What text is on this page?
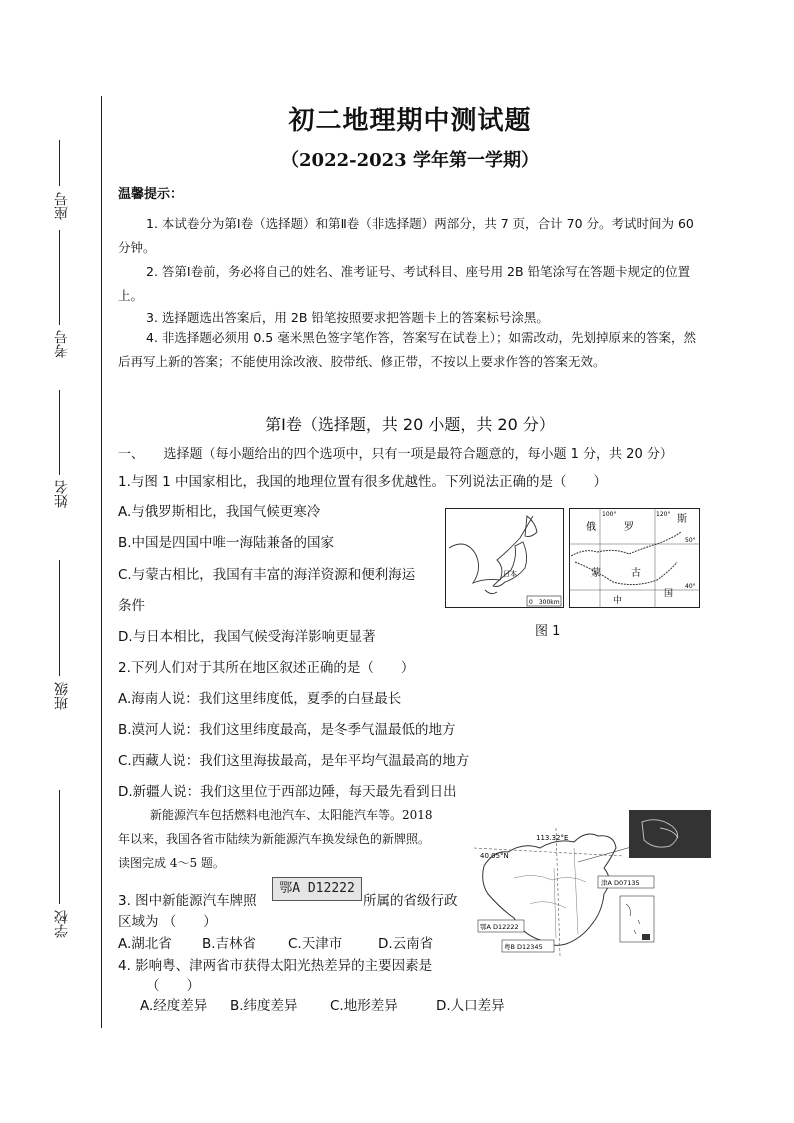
座号
考号
姓名
班级
学校
初二地理期中测试题
（2022-2023 学年第一学期）
温馨提示：
1. 本试卷分为第Ⅰ卷（选择题）和第Ⅱ卷（非选择题）两部分，共 7 页，合计 70 分。考试时间为 60 分钟。
2. 答第Ⅰ卷前，务必将自己的姓名、准考证号、考试科目、座号用 2B 铅笔涂写在答题卡规定的位置上。
3. 选择题选出答案后，用 2B 铅笔按照要求把答题卡上的答案标号涂黑。
4. 非选择题必须用 0.5 毫米黑色签字笔作答，答案写在试卷上）；如需改动，先划掉原来的答案，然后再写上新的答案；不能使用涂改液、胶带纸、修正带，不按以上要求作答的答案无效。
第Ⅰ卷（选择题，共 20 小题，共 20 分）
一、　　选择题（每小题给出的四个选项中，只有一项是最符合题意的，每小题 1 分，共 20 分）
1.与图 1 中国家相比，我国的地理位置有很多优越性。下列说法正确的是（　　）
A.与俄罗斯相比，我国气候更寒冷
B.中国是四国中唯一海陆兼备的国家
C.与蒙古相比，我国有丰富的海洋资源和便利海运
条件
D.与日本相比，我国气候受海洋影响更显著
2.下列人们对于其所在地区叙述正确的是（　　）
A.海南人说：我们这里纬度低，夏季的白昼最长
B.漠河人说：我们这里纬度最高，是冬季气温最低的地方
C.西藏人说：我们这里海拔最高，是年平均气温最高的地方
D.新疆人说：我们这里位于西部边陲，每天最先看到日出
新能源汽车包括燃料电池汽车、太阳能汽车等。2018
年以来，我国各省市陆续为新能源汽车换发绿色的新牌照。
读图完成 4～5 题。
3. 图中新能源汽车牌照	所属的省级行政
区域为 （　　）
A.湖北省 B.吉林省 C.天津市	D.云南省
4. 影响粤、津两省市获得太阳光热差异的主要因素是
（　　）
A.经度差异 B.纬度差异 C.地形差异	D.人口差异
鄂A D12222
日本
0　300km
俄	罗
斯
蒙	古
中
国
100°	120°
50°
40°
图 1
113.32°E
40.05°N
津A D07135
鄂A D12222
粤B D12345
